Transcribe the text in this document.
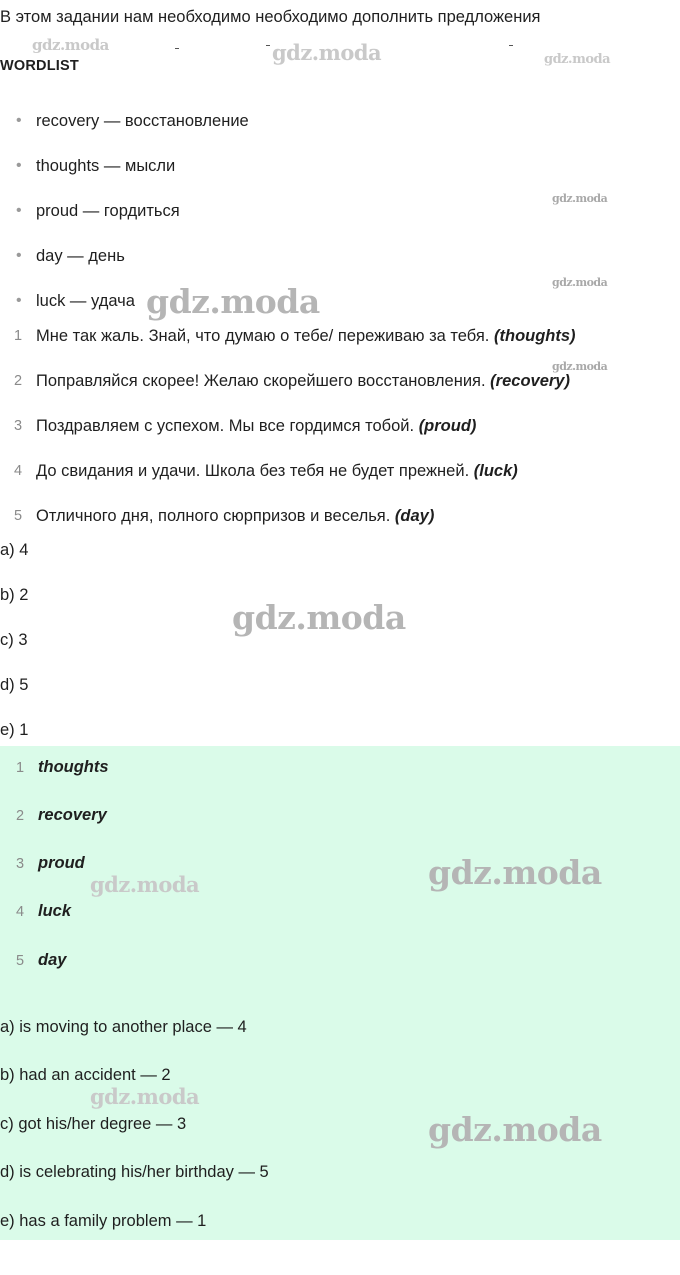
В этом задании нам необходимо необходимо дополнить предложения
WORDLIST
• recovery — восстановление
• thoughts — мысли
• proud — гордиться
• day — день
• luck — удача
1 Мне так жаль. Знай, что думаю о тебе/ переживаю за тебя. (thoughts)
2 Поправляйся скорее! Желаю скорейшего восстановления. (recovery)
3 Поздравляем с успехом. Мы все гордимся тобой. (proud)
4 До свидания и удачи. Школа без тебя не будет прежней. (luck)
5 Отличного дня, полного сюрпризов и веселья. (day)
a) 4
b) 2
c) 3
d) 5
e) 1
1 thoughts
2 recovery
3 proud
4 luck
5 day
a) is moving to another place — 4
b) had an accident — 2
c) got his/her degree — 3
d) is celebrating his/her birthday — 5
e) has a family problem — 1
gdz.moda	gdz.moda	gdz.moda
gdz.moda
gdz.moda
gdz.moda
gdz.moda
gdz.moda
gdz.moda	gdz.moda
gdz.moda
gdz.moda
